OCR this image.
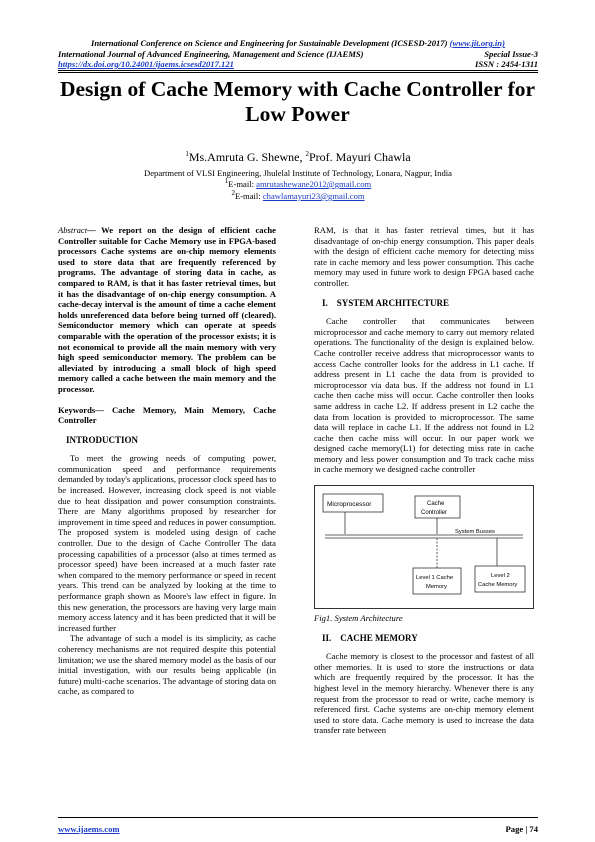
International Conference on Science and Engineering for Sustainable Development (ICSESD-2017) (www.jit.org.in)
International Journal of Advanced Engineering, Management and Science (IJAEMS)	Special Issue-3
https://dx.doi.org/10.24001/ijaems.icsesd2017.121	ISSN : 2454-1311
Design of Cache Memory with Cache Controller for Low Power
$^1$Ms.Amruta G. Shewne, $^2$Prof. Mayuri Chawla
Department of VLSI Engineering, Jhulelal Institute of Technology, Lonara, Nagpur, India
$^1$E-mail: amrutashewane2012@gmail.com
$^2$E-mail: chawlamayuri23@gmail.com

Abstract— We report on the design of efficient cache Controller suitable for Cache Memory use in FPGA-based processors Cache systems are on-chip memory elements used to store data that are frequently referenced by programs. The advantage of storing data in cache, as compared to RAM, is that it has faster retrieval times, but it has the disadvantage of on-chip energy consumption. A cache-decay interval is the amount of time a cache element holds unreferenced data before being turned off (cleared). Semiconductor memory which can operate at speeds comparable with the operation of the processor exists; it is not economical to provide all the main memory with very high speed semiconductor memory. The problem can be alleviated by introducing a small block of high speed memory called a cache between the main memory and the processor.

Keywords— Cache Memory, Main Memory, Cache Controller

INTRODUCTION

To meet the growing needs of computing power, communication speed and performance requirements demanded by today's applications, processor clock speed has to be increased. However, increasing clock speed is not viable due to heat dissipation and power consumption constraints. There are Many algorithms proposed by researcher for improvement in time speed and reduces in power consumption. The proposed system is modeled using design of cache controller. Due to the design of Cache Controller The data processing capabilities of a processor (also at times termed as processor speed) have been increased at a much faster rate when compared to the memory performance or speed in recent years. This trend can be analyzed by looking at the time to performance graph shown as Moore's law effect in figure. In this new generation, the processors are having very large main memory access latency and it has been predicted that it will be increased further

The advantage of such a model is its simplicity, as cache coherency mechanisms are not required despite this potential limitation; we use the shared memory model as the basis of our initial investigation, with our results being applicable (in future) multi-cache scenarios. The advantage of storing data on cache, as compared to

RAM, is that it has faster retrieval times, but it has disadvantage of on-chip energy consumption. This paper deals with the design of efficient cache memory for detecting miss rate in cache memory and less power consumption. This cache memory may used in future work to design FPGA based cache controller.

I. SYSTEM ARCHITECTURE

Cache controller that communicates between microprocessor and cache memory to carry out memory related operations. The functionality of the design is explained below. Cache controller receive address that microprocessor wants to access Cache controller looks for the address in L1 cache. If address present in L1 cache the data from is provided to microprocessor via data bus. If the address not found in L1 cache then cache miss will occur. Cache controller then looks same address in cache L2. If address present in L2 cache the data from location is provided to microprocessor. The same data will replace in cache L1. If the address not found in L2 cache then cache miss will occur. In our paper work we designed cache memory(L1) for detecting miss rate in cache memory and less power consumption and To track cache miss in cache memory we designed cache controller

Microprocessor	Cache
Controller
System Busses
Level 1 Cache
Memory
Level 2
Cache Memory

Fig1. System Architecture

II. CACHE MEMORY

Cache memory is closest to the processor and fastest of all other memories. It is used to store the instructions or data which are frequently required by the processor. It has the highest level in the memory hierarchy. Whenever there is any request from the processor to read or write, cache memory is referenced first. Cache systems are on-chip memory element used to store data. Cache memory is used to increase the data transfer rate between

www.ijaems.com	Page | 74
